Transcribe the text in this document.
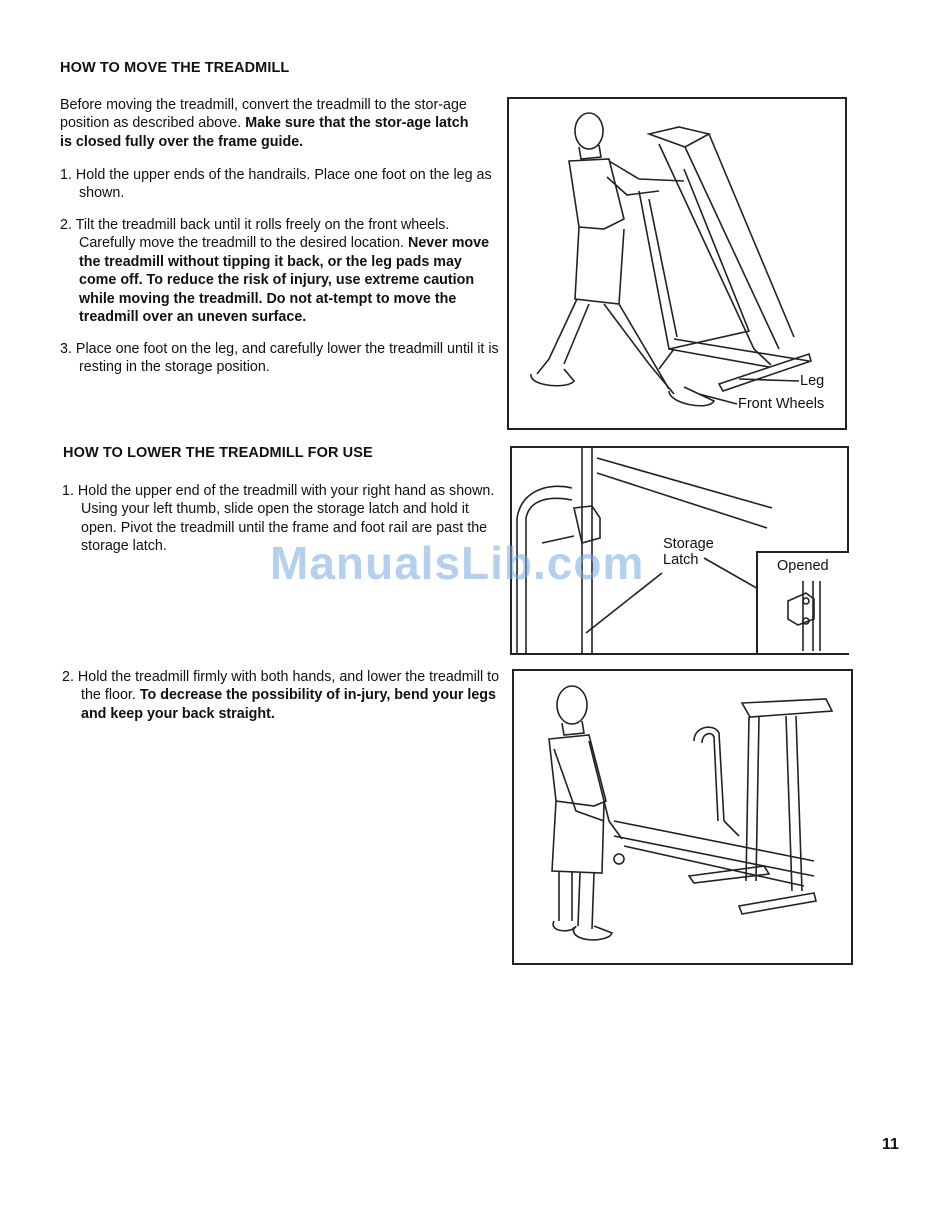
HOW TO MOVE THE TREADMILL
Before moving the treadmill, convert the treadmill to the stor-age position as described above. Make sure that the stor-age latch is closed fully over the frame guide.
1. Hold the upper ends of the handrails. Place one foot on the leg as shown.
2. Tilt the treadmill back until it rolls freely on the front wheels. Carefully move the treadmill to the desired location. Never move the treadmill without tipping it back, or the leg pads may come off. To reduce the risk of injury, use extreme caution while moving the treadmill. Do not at-tempt to move the treadmill over an uneven surface.
3. Place one foot on the leg, and carefully lower the treadmill until it is resting in the storage position.
Leg
Front Wheels
HOW TO LOWER THE TREADMILL FOR USE
1. Hold the upper end of the treadmill with your right hand as shown. Using your left thumb, slide open the storage latch and hold it open. Pivot the treadmill until the frame and foot rail are past the storage latch.
2. Hold the treadmill firmly with both hands, and lower the treadmill to the floor. To decrease the possibility of in-jury, bend your legs and keep your back straight.
Storage Latch	Opened
ManualsLib.com
11
